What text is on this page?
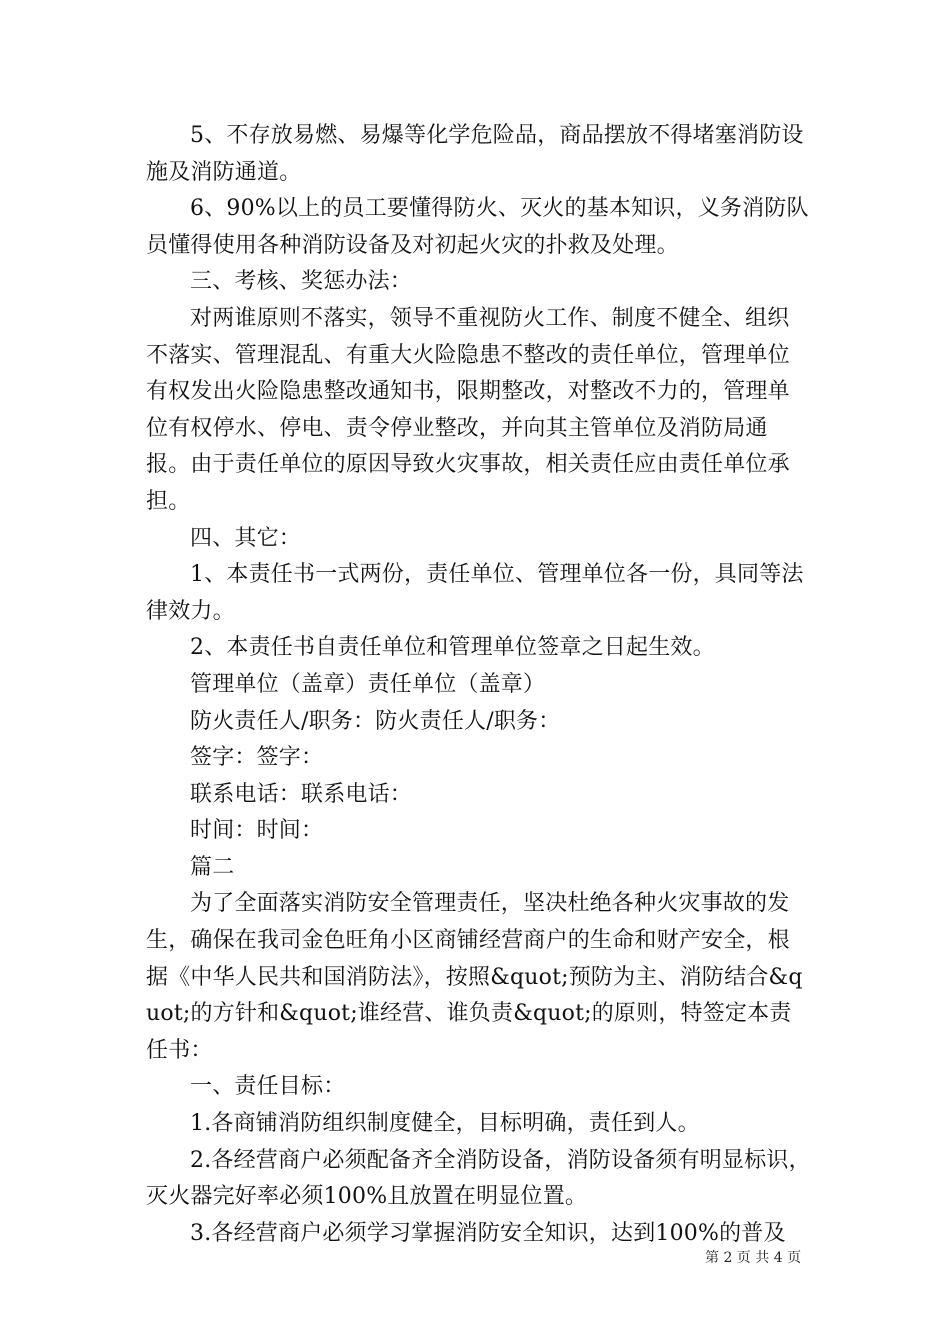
5、不存放易燃、易爆等化学危险品，商品摆放不得堵塞消防设施及消防通道。

6、90%以上的员工要懂得防火、灭火的基本知识，义务消防队员懂得使用各种消防设备及对初起火灾的扑救及处理。

三、考核、奖惩办法：

对两谁原则不落实，领导不重视防火工作、制度不健全、组织不落实、管理混乱、有重大火险隐患不整改的责任单位，管理单位有权发出火险隐患整改通知书，限期整改，对整改不力的，管理单位有权停水、停电、责令停业整改，并向其主管单位及消防局通报。由于责任单位的原因导致火灾事故，相关责任应由责任单位承担。

四、其它：

1、本责任书一式两份，责任单位、管理单位各一份，具同等法律效力。

2、本责任书自责任单位和管理单位签章之日起生效。

管理单位（盖章）责任单位（盖章）

防火责任人/职务：防火责任人/职务：

签字：签字：

联系电话：联系电话：

时间：时间：

篇二

为了全面落实消防安全管理责任，坚决杜绝各种火灾事故的发生，确保在我司金色旺角小区商铺经营商户的生命和财产安全，根据《中华人民共和国消防法》，按照&quot;预防为主、消防结合&quot;的方针和&quot;谁经营、谁负责&quot;的原则，特签定本责任书：

一、责任目标：

1.各商铺消防组织制度健全，目标明确，责任到人。

2.各经营商户必须配备齐全消防设备，消防设备须有明显标识，灭火器完好率必须100%且放置在明显位置。

3.各经营商户必须学习掌握消防安全知识，达到100%的普及

第 2 页 共 4 页
